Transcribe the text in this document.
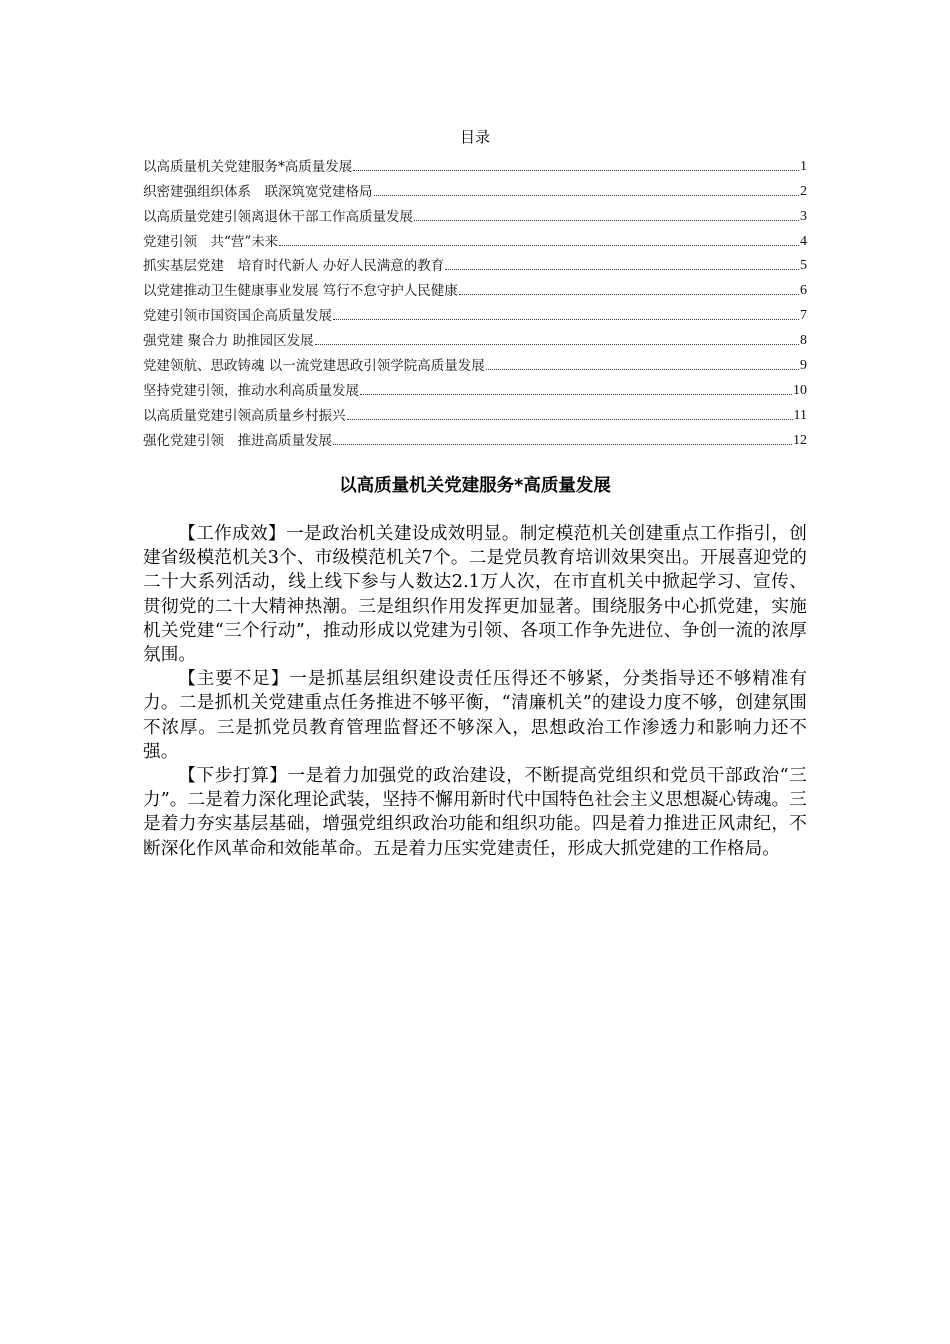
目录
以高质量机关党建服务*高质量发展	1
织密建强组织体系　联深筑宽党建格局	2
以高质量党建引领离退休干部工作高质量发展	3
党建引领　共“营”未来	4
抓实基层党建　培育时代新人 办好人民满意的教育	5
以党建推动卫生健康事业发展 笃行不怠守护人民健康	6
党建引领市国资国企高质量发展	7
强党建 聚合力 助推园区发展	8
党建领航、思政铸魂 以一流党建思政引领学院高质量发展	9
坚持党建引领，推动水利高质量发展	10
以高质量党建引领高质量乡村振兴	11
强化党建引领　推进高质量发展	12
以高质量机关党建服务*高质量发展

【工作成效】一是政治机关建设成效明显。制定模范机关创建重点工作指引，创建省级模范机关3个、市级模范机关7个。二是党员教育培训效果突出。开展喜迎党的二十大系列活动，线上线下参与人数达2.1万人次，在市直机关中掀起学习、宣传、贯彻党的二十大精神热潮。三是组织作用发挥更加显著。围绕服务中心抓党建，实施机关党建“三个行动”，推动形成以党建为引领、各项工作争先进位、争创一流的浓厚氛围。

【主要不足】一是抓基层组织建设责任压得还不够紧，分类指导还不够精准有力。二是抓机关党建重点任务推进不够平衡，“清廉机关”的建设力度不够，创建氛围不浓厚。三是抓党员教育管理监督还不够深入，思想政治工作渗透力和影响力还不强。

【下步打算】一是着力加强党的政治建设，不断提高党组织和党员干部政治“三力”。二是着力深化理论武装，坚持不懈用新时代中国特色社会主义思想凝心铸魂。三是着力夯实基层基础，增强党组织政治功能和组织功能。四是着力推进正风肃纪，不断深化作风革命和效能革命。五是着力压实党建责任，形成大抓党建的工作格局。
